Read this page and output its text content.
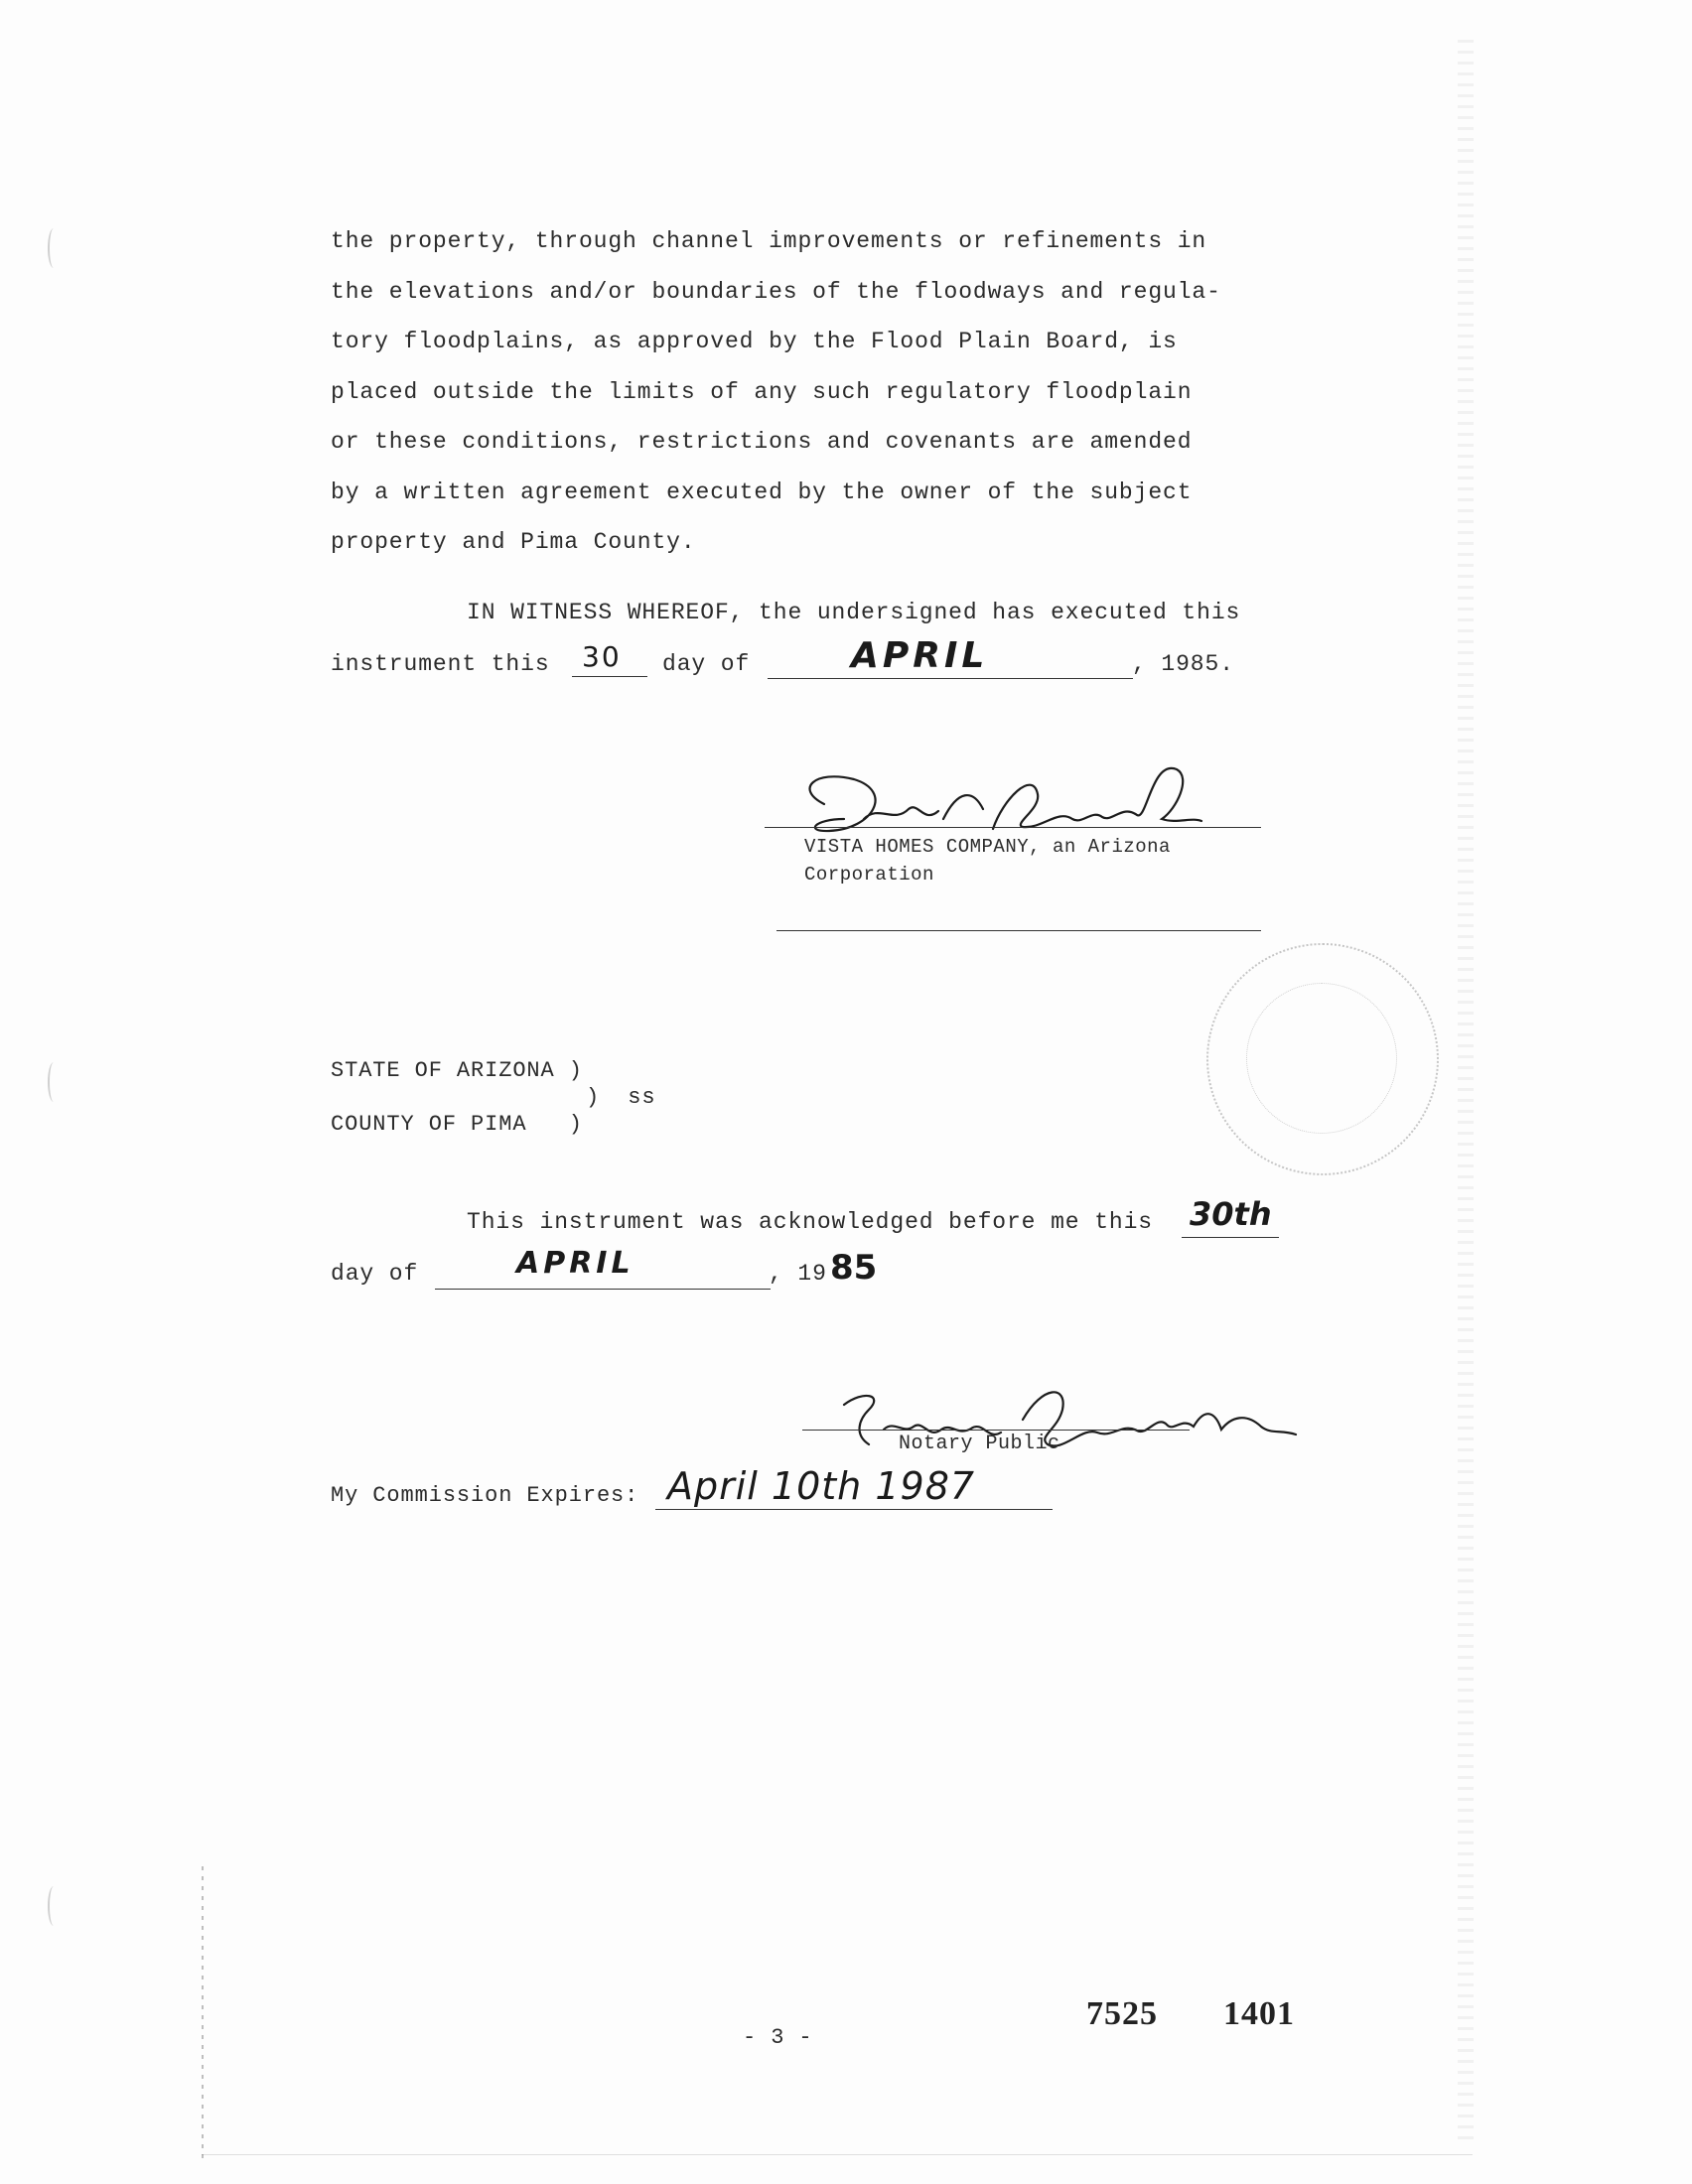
the property, through channel improvements or refinements in

the elevations and/or boundaries of the floodways and regula-

tory floodplains, as approved by the Flood Plain Board, is

placed outside the limits of any such regulatory floodplain

or these conditions, restrictions and covenants are amended

by a written agreement executed by the owner of the subject

property and Pima County.

IN WITNESS WHEREOF, the undersigned has executed this
instrument this 30 day of	APRIL	, 1985.
VISTA HOMES COMPANY, an Arizona
Corporation
STATE OF ARIZONA )
)  ss
COUNTY OF PIMA   )
This instrument was acknowledged before me this 30th
day of	APRIL	, 19 85
Notary Public
My Commission Expires: April 10th 1987
- 3 -
7525 1401
